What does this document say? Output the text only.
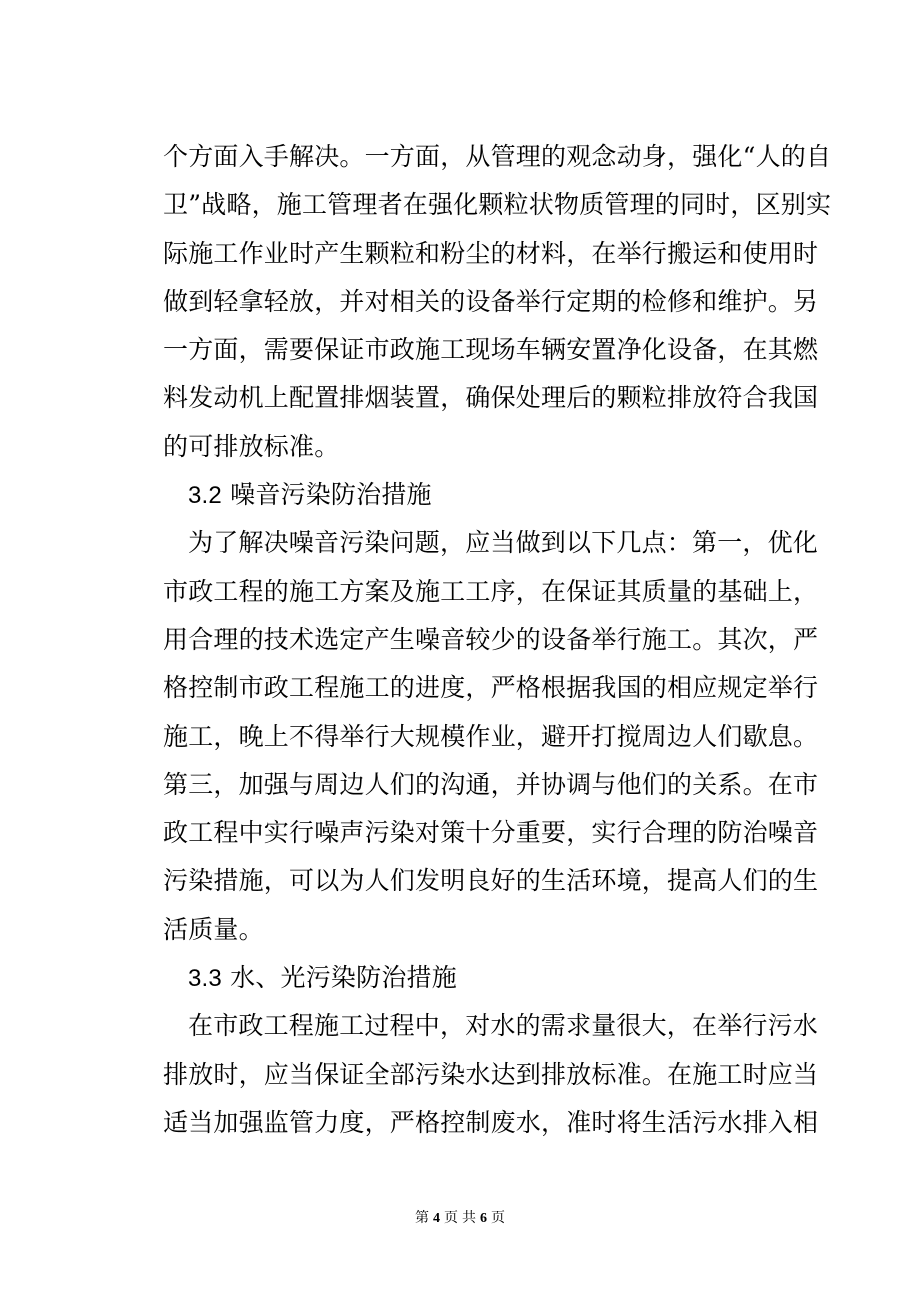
个方面入手解决。一方面，从管理的观念动身，强化“人的自
卫”战略，施工管理者在强化颗粒状物质管理的同时，区别实
际施工作业时产生颗粒和粉尘的材料，在举行搬运和使用时
做到轻拿轻放，并对相关的设备举行定期的检修和维护。另
一方面，需要保证市政施工现场车辆安置净化设备，在其燃
料发动机上配置排烟装置，确保处理后的颗粒排放符合我国
的可排放标准。
3.2 噪音污染防治措施
为了解决噪音污染问题，应当做到以下几点：第一，优化
市政工程的施工方案及施工工序，在保证其质量的基础上，
用合理的技术选定产生噪音较少的设备举行施工。其次，严
格控制市政工程施工的进度，严格根据我国的相应规定举行
施工，晚上不得举行大规模作业，避开打搅周边人们歇息。
第三，加强与周边人们的沟通，并协调与他们的关系。在市
政工程中实行噪声污染对策十分重要，实行合理的防治噪音
污染措施，可以为人们发明良好的生活环境，提高人们的生
活质量。
3.3 水、光污染防治措施
在市政工程施工过程中，对水的需求量很大，在举行污水
排放时，应当保证全部污染水达到排放标准。在施工时应当
适当加强监管力度，严格控制废水，准时将生活污水排入相
第 4 页 共 6 页
